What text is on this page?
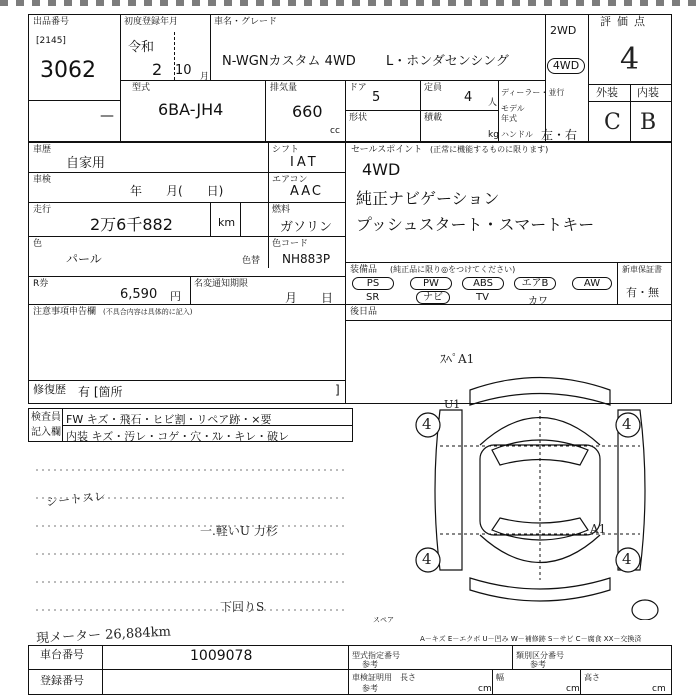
出品番号
[2145]
3062
—
初度登録年月
令和
2 10 月
車名・グレード
N-WGNカスタム 4WD L・ホンダセンシング
2WD
4WD
評価点
4
外装 内装
C B
型式
6BA-JH4
排気量
660
cc
ドア
5
定員
4 人
ディーラー・並行
モデル年式
形状	積載
kg ハンドル 左・右
車歴
自家用
車検
年　　月(　　日)
走行
2万6千882	km
色
パール	色替
R券
6,590 円
名変通知期限
月　　日
シフト
IAT
エアコン
AAC
燃料
ガソリン
色コード
NH883P
セールスポイント (正常に機能するものに限ります)
4WD
純正ナビゲーション
プッシュスタート・スマートキー
装備品 (純正品に限り◎をつけてください)
PS	PW	ABS	エアB	AW
SR	ナビ	TV	カワ
新車保証書
有・無
注意事項申告欄 (不具合内容は具体的に記入)	後日品
修復歴 有 [箇所	]
検査員
記入欄
FW キズ・飛石・ヒビ割・リペア跡・×要
内装 キズ・汚レ・コゲ・穴・ｽﾚ・キレ・破レ
シートスレ
一.軽いU 力杉
下回りS
現メーター 26,884km
4	4
4	4
ｽﾍﾟA1
U1
A1
スペア
A－キズ E－エクボ U－凹み W－補修跡 S－サビ C－腐食 XX－交換済
車台番号	1009078
登録番号
型式指定番号
参考
類別区分番号
参考
車検証明用
参考
長さ
cm
幅
cm
高さ
cm
